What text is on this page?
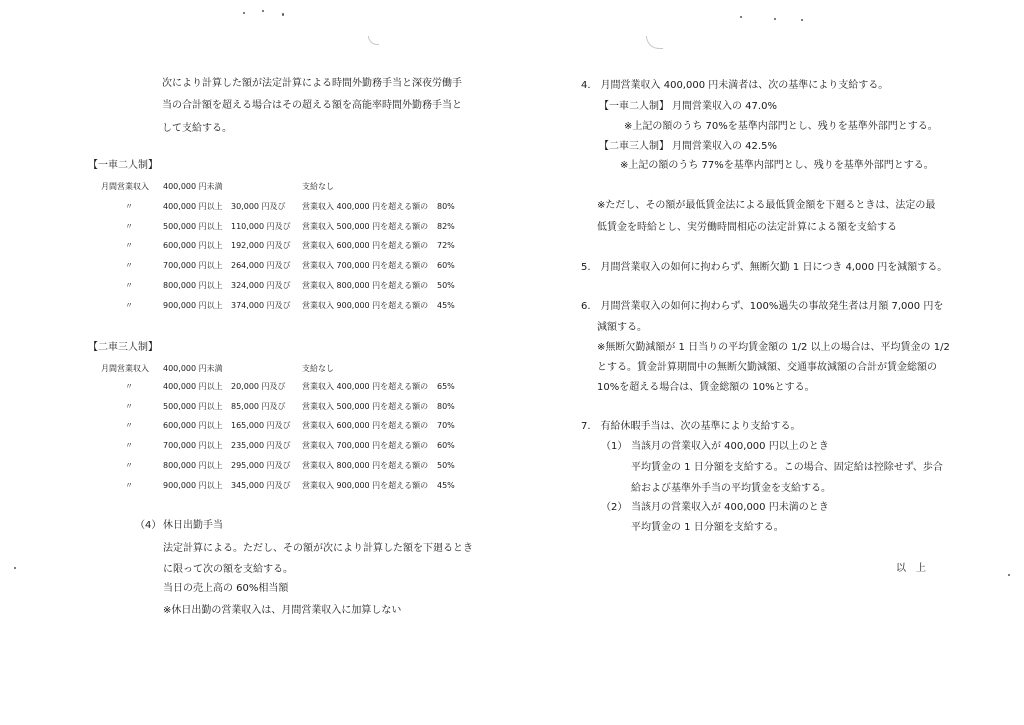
次により計算した額が法定計算による時間外勤務手当と深夜労働手
当の合計額を超える場合はその超える額を高能率時間外勤務手当と
して支給する。
【一車二人制】
月間営業収入 400,000 円未満	支給なし
〃	400,000 円以上 30,000 円及び 営業収入 400,000 円を超える額の 80%
〃	500,000 円以上 110,000 円及び 営業収入 500,000 円を超える額の 82%
〃	600,000 円以上 192,000 円及び 営業収入 600,000 円を超える額の 72%
〃	700,000 円以上 264,000 円及び 営業収入 700,000 円を超える額の 60%
〃	800,000 円以上 324,000 円及び 営業収入 800,000 円を超える額の 50%
〃	900,000 円以上 374,000 円及び 営業収入 900,000 円を超える額の 45%
【二車三人制】
月間営業収入 400,000 円未満	支給なし
〃	400,000 円以上 20,000 円及び 営業収入 400,000 円を超える額の 65%
〃	500,000 円以上 85,000 円及び 営業収入 500,000 円を超える額の 80%
〃	600,000 円以上 165,000 円及び 営業収入 600,000 円を超える額の 70%
〃	700,000 円以上 235,000 円及び 営業収入 700,000 円を超える額の 60%
〃	800,000 円以上 295,000 円及び 営業収入 800,000 円を超える額の 50%
〃	900,000 円以上 345,000 円及び 営業収入 900,000 円を超える額の 45%
（4） 休日出勤手当
法定計算による。ただし、その額が次により計算した額を下廻るとき
に限って次の額を支給する。
当日の売上高の 60%相当額
※休日出勤の営業収入は、月間営業収入に加算しない
4.　月間営業収入 400,000 円未満者は、次の基準により支給する。
【一車二人制】 月間営業収入の 47.0%
※上記の額のうち 70%を基準内部門とし、残りを基準外部門とする。
【二車三人制】 月間営業収入の 42.5%
※上記の額のうち 77%を基準内部門とし、残りを基準外部門とする。
※ただし、その額が最低賃金法による最低賃金額を下廻るときは、法定の最
低賃金を時給とし、実労働時間相応の法定計算による額を支給する
5.　月間営業収入の如何に拘わらず、無断欠勤 1 日につき 4,000 円を減額する。
6.　月間営業収入の如何に拘わらず、100%過失の事故発生者は月額 7,000 円を
減額する。
※無断欠勤減額が 1 日当りの平均賃金額の 1/2 以上の場合は、平均賃金の 1/2
とする。賃金計算期間中の無断欠勤減額、交通事故減額の合計が賃金総額の
10%を超える場合は、賃金総額の 10%とする。
7.　有給休暇手当は、次の基準により支給する。
（1） 当該月の営業収入が 400,000 円以上のとき
平均賃金の 1 日分額を支給する。この場合、固定給は控除せず、歩合
給および基準外手当の平均賃金を支給する。
（2） 当該月の営業収入が 400,000 円未満のとき
平均賃金の 1 日分額を支給する。
以　上
